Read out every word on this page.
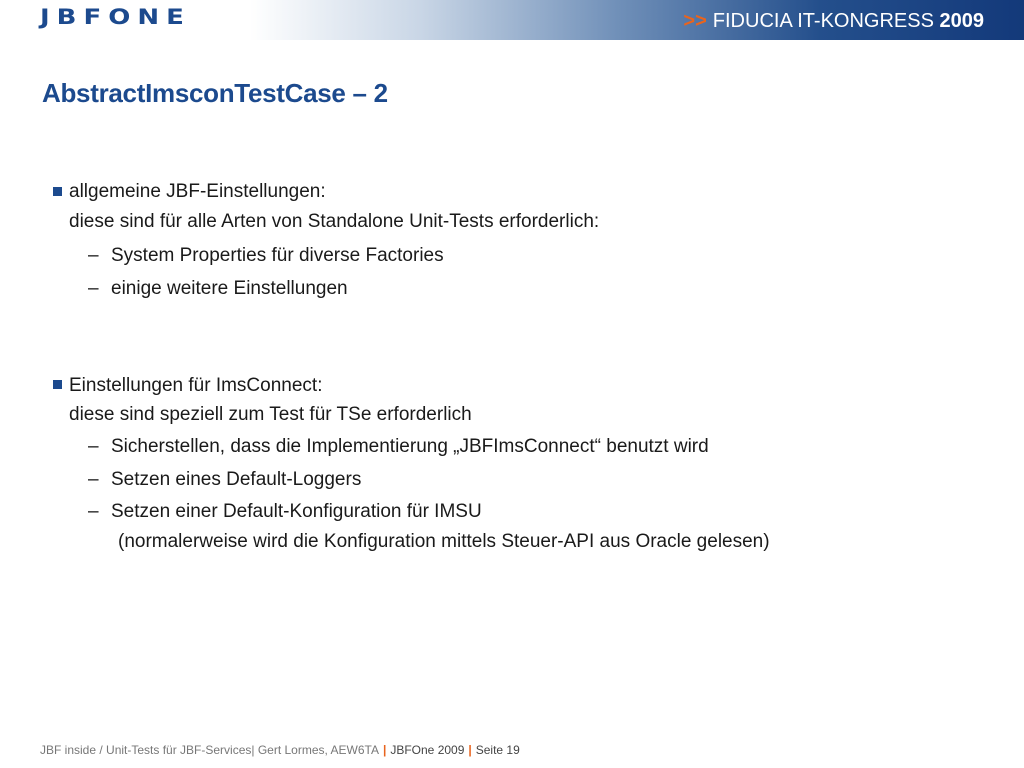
JBFONE	>> FIDUCIA IT-KONGRESS 2009
AbstractImsconTestCase – 2
allgemeine JBF-Einstellungen:
diese sind für alle Arten von Standalone Unit-Tests erforderlich:
– System Properties für diverse Factories
– einige weitere Einstellungen
Einstellungen für ImsConnect:
diese sind speziell zum Test für TSe erforderlich
– Sicherstellen, dass die Implementierung „JBFImsConnect“ benutzt wird
– Setzen eines Default-Loggers
– Setzen einer Default-Konfiguration für IMSU
(normalerweise wird die Konfiguration mittels Steuer-API aus Oracle gelesen)
JBF inside / Unit-Tests für JBF-Services| Gert Lormes, AEW6TA | JBFOne 2009 | Seite 19
